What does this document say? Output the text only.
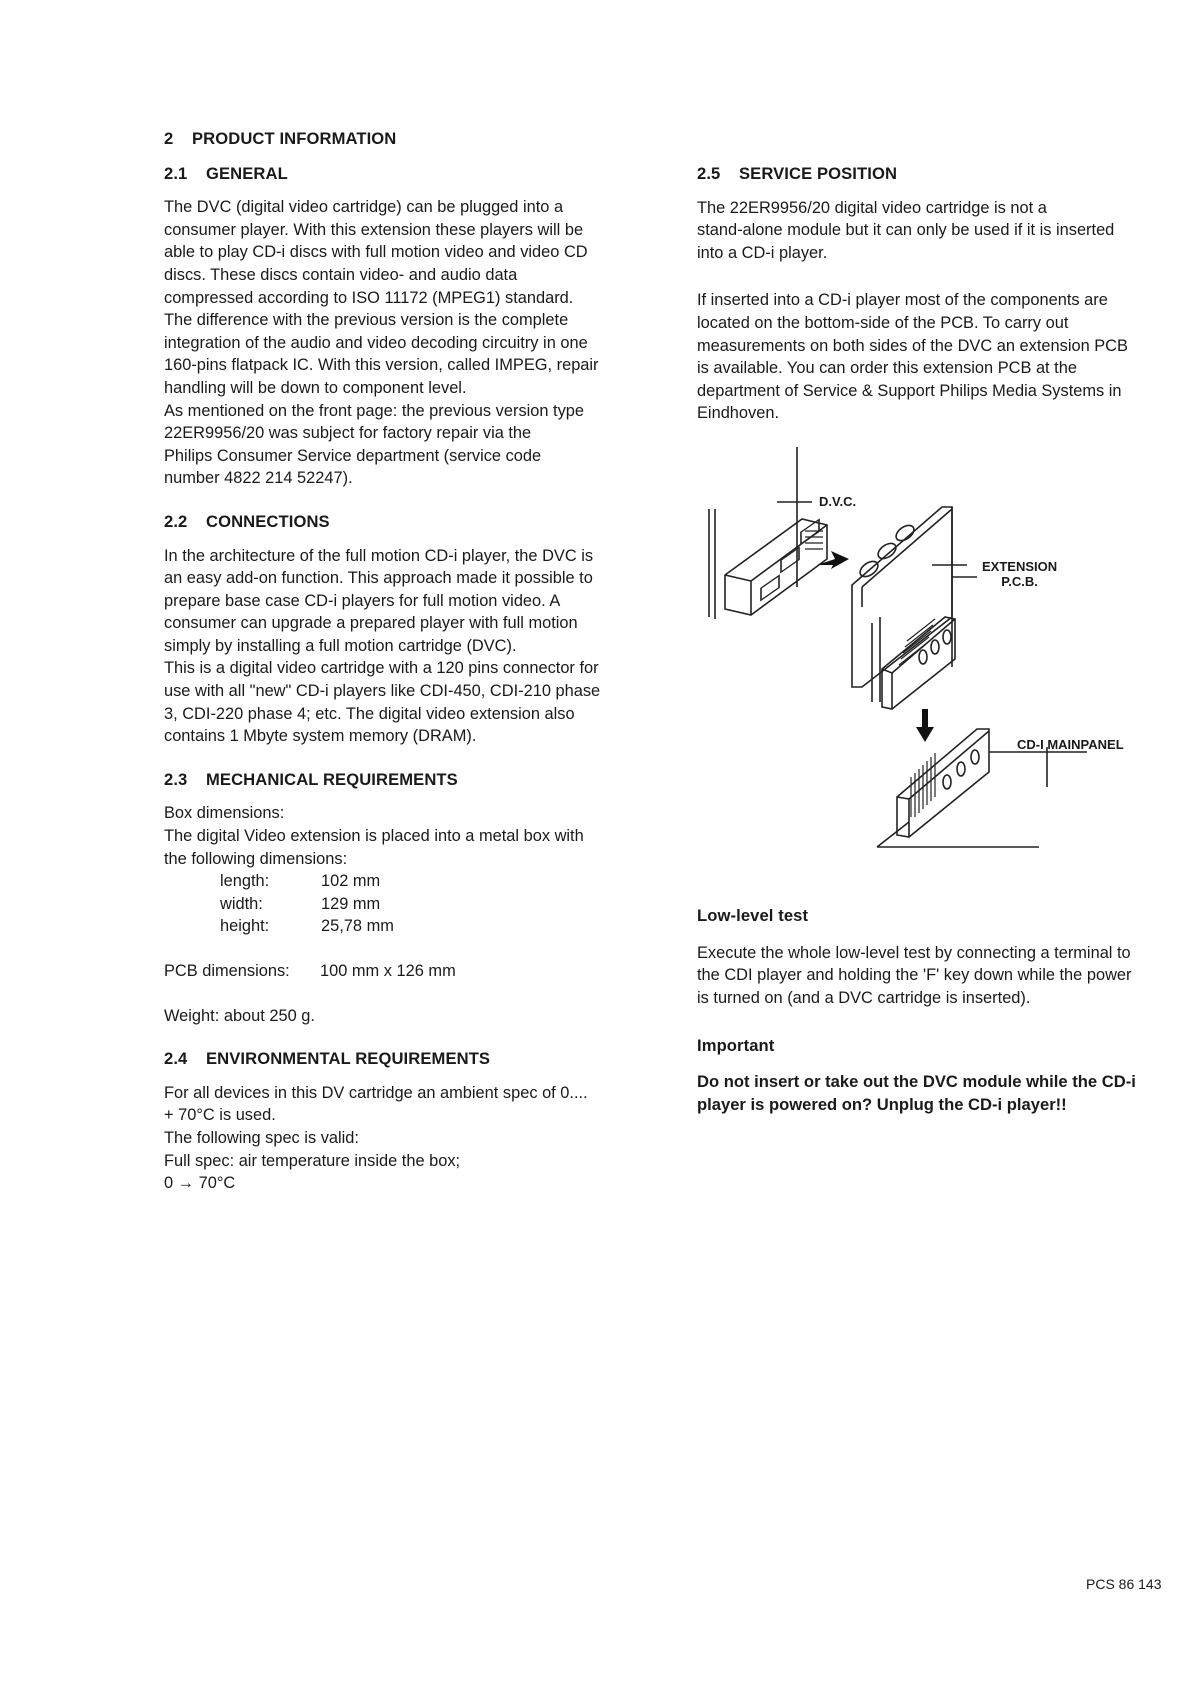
2 PRODUCT INFORMATION
2.1 GENERAL
The DVC (digital video cartridge) can be plugged into a
consumer player. With this extension these players will be
able to play CD-i discs with full motion video and video CD
discs. These discs contain video- and audio data
compressed according to ISO 11172 (MPEG1) standard.
The difference with the previous version is the complete
integration of the audio and video decoding circuitry in one
160-pins flatpack IC. With this version, called IMPEG, repair
handling will be down to component level.
As mentioned on the front page: the previous version type
22ER9956/20 was subject for factory repair via the
Philips Consumer Service department (service code
number 4822 214 52247).
2.2 CONNECTIONS
In the architecture of the full motion CD-i player, the DVC is
an easy add-on function. This approach made it possible to
prepare base case CD-i players for full motion video. A
consumer can upgrade a prepared player with full motion
simply by installing a full motion cartridge (DVC).
This is a digital video cartridge with a 120 pins connector for
use with all "new" CD-i players like CDI-450, CDI-210 phase
3, CDI-220 phase 4; etc. The digital video extension also
contains 1 Mbyte system memory (DRAM).
2.3 MECHANICAL REQUIREMENTS
Box dimensions:
The digital Video extension is placed into a metal box with
the following dimensions:
length:	102 mm
width:	129 mm
height:	25,78 mm
PCB dimensions: 100 mm x 126 mm
Weight: about 250 g.
2.4 ENVIRONMENTAL REQUIREMENTS
For all devices in this DV cartridge an ambient spec of 0....
+ 70°C is used.
The following spec is valid:
Full spec: air temperature inside the box;
0 → 70°C
2.5 SERVICE POSITION
The 22ER9956/20 digital video cartridge is not a
stand-alone module but it can only be used if it is inserted
into a CD-i player.
If inserted into a CD-i player most of the components are
located on the bottom-side of the PCB. To carry out
measurements on both sides of the DVC an extension PCB
is available. You can order this extension PCB at the
department of Service & Support Philips Media Systems in
Eindhoven.
D.V.C.
EXTENSION
P.C.B.
CD-I MAINPANEL
Low-level test
Execute the whole low-level test by connecting a terminal to
the CDI player and holding the 'F' key down while the power
is turned on (and a DVC cartridge is inserted).
Important
Do not insert or take out the DVC module while the CD-i
player is powered on? Unplug the CD-i player!!
PCS 86 143
